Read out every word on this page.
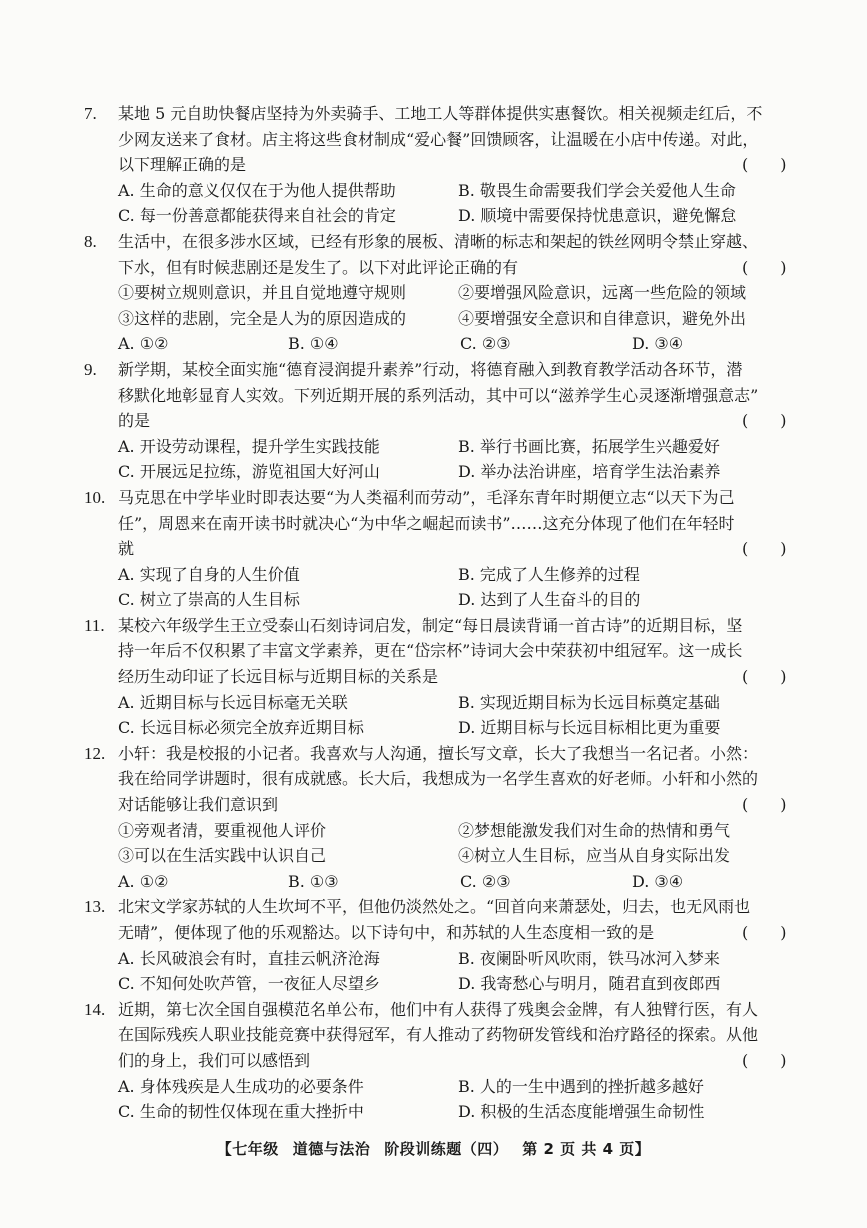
7.	某地 5 元自助快餐店坚持为外卖骑手、工地工人等群体提供实惠餐饮。相关视频走红后，不
少网友送来了食材。店主将这些食材制成“爱心餐”回馈顾客，让温暖在小店中传递。对此，
以下理解正确的是	(　　)
A. 生命的意义仅仅在于为他人提供帮助	B. 敬畏生命需要我们学会关爱他人生命
C. 每一份善意都能获得来自社会的肯定	D. 顺境中需要保持忧患意识，避免懈怠
8.	生活中，在很多涉水区域，已经有形象的展板、清晰的标志和架起的铁丝网明令禁止穿越、
下水，但有时候悲剧还是发生了。以下对此评论正确的有	(　　)
①要树立规则意识，并且自觉地遵守规则	②要增强风险意识，远离一些危险的领域
③这样的悲剧，完全是人为的原因造成的	④要增强安全意识和自律意识，避免外出
A. ①②	B. ①④	C. ②③	D. ③④
9.	新学期，某校全面实施“德育浸润提升素养”行动，将德育融入到教育教学活动各环节，潜
移默化地彰显育人实效。下列近期开展的系列活动，其中可以“滋养学生心灵逐渐增强意志”
的是	(　　)
A. 开设劳动课程，提升学生实践技能	B. 举行书画比赛，拓展学生兴趣爱好
C. 开展远足拉练，游览祖国大好河山	D. 举办法治讲座，培育学生法治素养
10. 马克思在中学毕业时即表达要“为人类福利而劳动”，毛泽东青年时期便立志“以天下为己
任”，周恩来在南开读书时就决心“为中华之崛起而读书”……这充分体现了他们在年轻时
就	(　　)
A. 实现了自身的人生价值	B. 完成了人生修养的过程
C. 树立了崇高的人生目标	D. 达到了人生奋斗的目的
11. 某校六年级学生王立受泰山石刻诗词启发，制定“每日晨读背诵一首古诗”的近期目标，坚
持一年后不仅积累了丰富文学素养，更在“岱宗杯”诗词大会中荣获初中组冠军。这一成长
经历生动印证了长远目标与近期目标的关系是	(　　)
A. 近期目标与长远目标毫无关联	B. 实现近期目标为长远目标奠定基础
C. 长远目标必须完全放弃近期目标	D. 近期目标与长远目标相比更为重要
12. 小轩：我是校报的小记者。我喜欢与人沟通，擅长写文章，长大了我想当一名记者。小然：
我在给同学讲题时，很有成就感。长大后，我想成为一名学生喜欢的好老师。小轩和小然的
对话能够让我们意识到	(　　)
①旁观者清，要重视他人评价	②梦想能激发我们对生命的热情和勇气
③可以在生活实践中认识自己	④树立人生目标，应当从自身实际出发
A. ①②	B. ①③	C. ②③	D. ③④
13. 北宋文学家苏轼的人生坎坷不平，但他仍淡然处之。“回首向来萧瑟处，归去，也无风雨也
无晴”，便体现了他的乐观豁达。以下诗句中，和苏轼的人生态度相一致的是	(　　)
A. 长风破浪会有时，直挂云帆济沧海	B. 夜阑卧听风吹雨，铁马冰河入梦来
C. 不知何处吹芦管，一夜征人尽望乡	D. 我寄愁心与明月，随君直到夜郎西
14. 近期，第七次全国自强模范名单公布，他们中有人获得了残奥会金牌，有人独臂行医，有人
在国际残疾人职业技能竞赛中获得冠军，有人推动了药物研发管线和治疗路径的探索。从他
们的身上，我们可以感悟到	(　　)
A. 身体残疾是人生成功的必要条件	B. 人的一生中遇到的挫折越多越好
C. 生命的韧性仅体现在重大挫折中	D. 积极的生活态度能增强生命韧性
【七年级 道德与法治 阶段训练题（四） 第 2 页 共 4 页】
